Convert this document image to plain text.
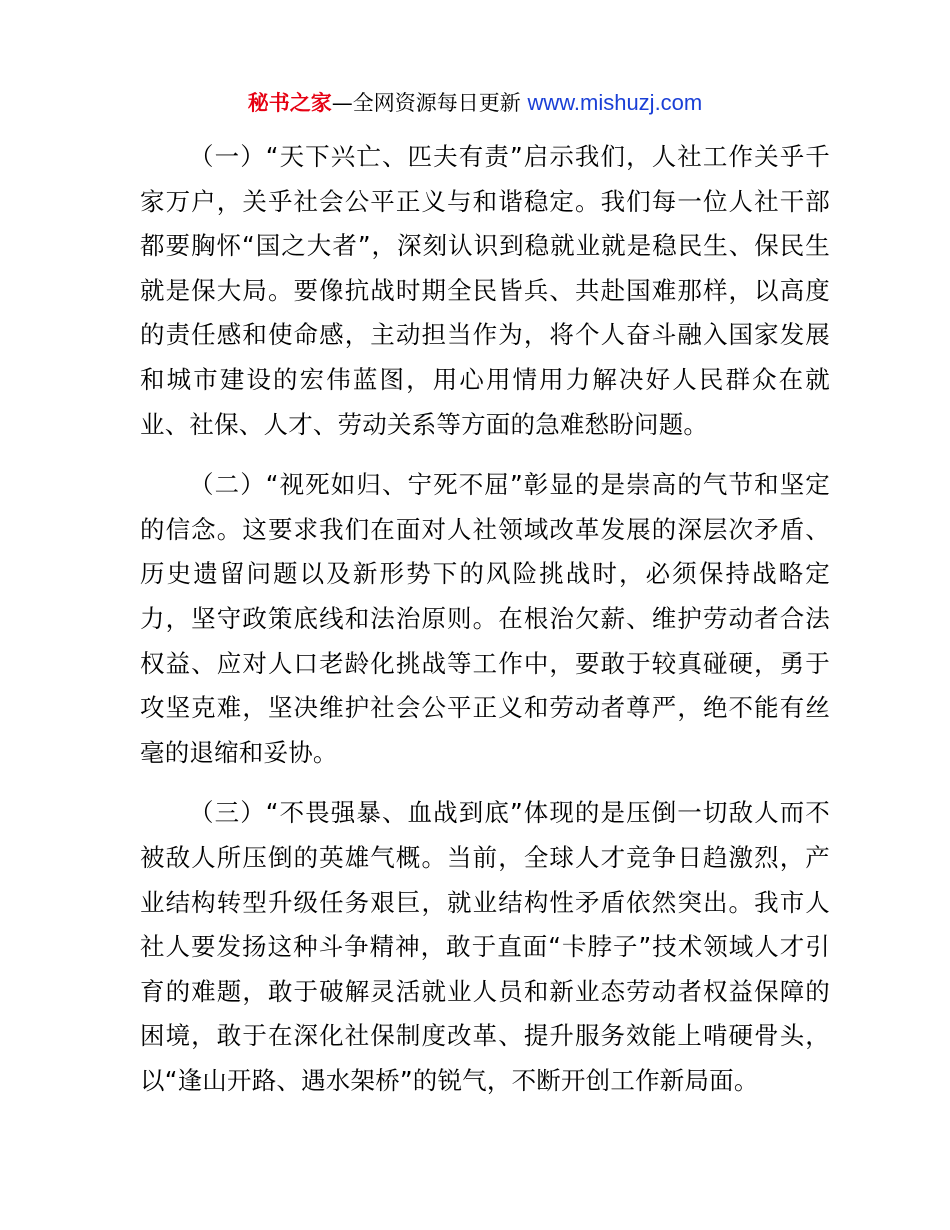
秘书之家—全网资源每日更新 www.mishuzj.com

（一）“天下兴亡、匹夫有责”启示我们，人社工作关乎千家万户，关乎社会公平正义与和谐稳定。我们每一位人社干部都要胸怀“国之大者”，深刻认识到稳就业就是稳民生、保民生就是保大局。要像抗战时期全民皆兵、共赴国难那样，以高度的责任感和使命感，主动担当作为，将个人奋斗融入国家发展和城市建设的宏伟蓝图，用心用情用力解决好人民群众在就业、社保、人才、劳动关系等方面的急难愁盼问题。

（二）“视死如归、宁死不屈”彰显的是崇高的气节和坚定的信念。这要求我们在面对人社领域改革发展的深层次矛盾、历史遗留问题以及新形势下的风险挑战时，必须保持战略定力，坚守政策底线和法治原则。在根治欠薪、维护劳动者合法权益、应对人口老龄化挑战等工作中，要敢于较真碰硬，勇于攻坚克难，坚决维护社会公平正义和劳动者尊严，绝不能有丝毫的退缩和妥协。

（三）“不畏强暴、血战到底”体现的是压倒一切敌人而不被敌人所压倒的英雄气概。当前，全球人才竞争日趋激烈，产业结构转型升级任务艰巨，就业结构性矛盾依然突出。我市人社人要发扬这种斗争精神，敢于直面“卡脖子”技术领域人才引育的难题，敢于破解灵活就业人员和新业态劳动者权益保障的困境，敢于在深化社保制度改革、提升服务效能上啃硬骨头，以“逢山开路、遇水架桥”的锐气，不断开创工作新局面。
